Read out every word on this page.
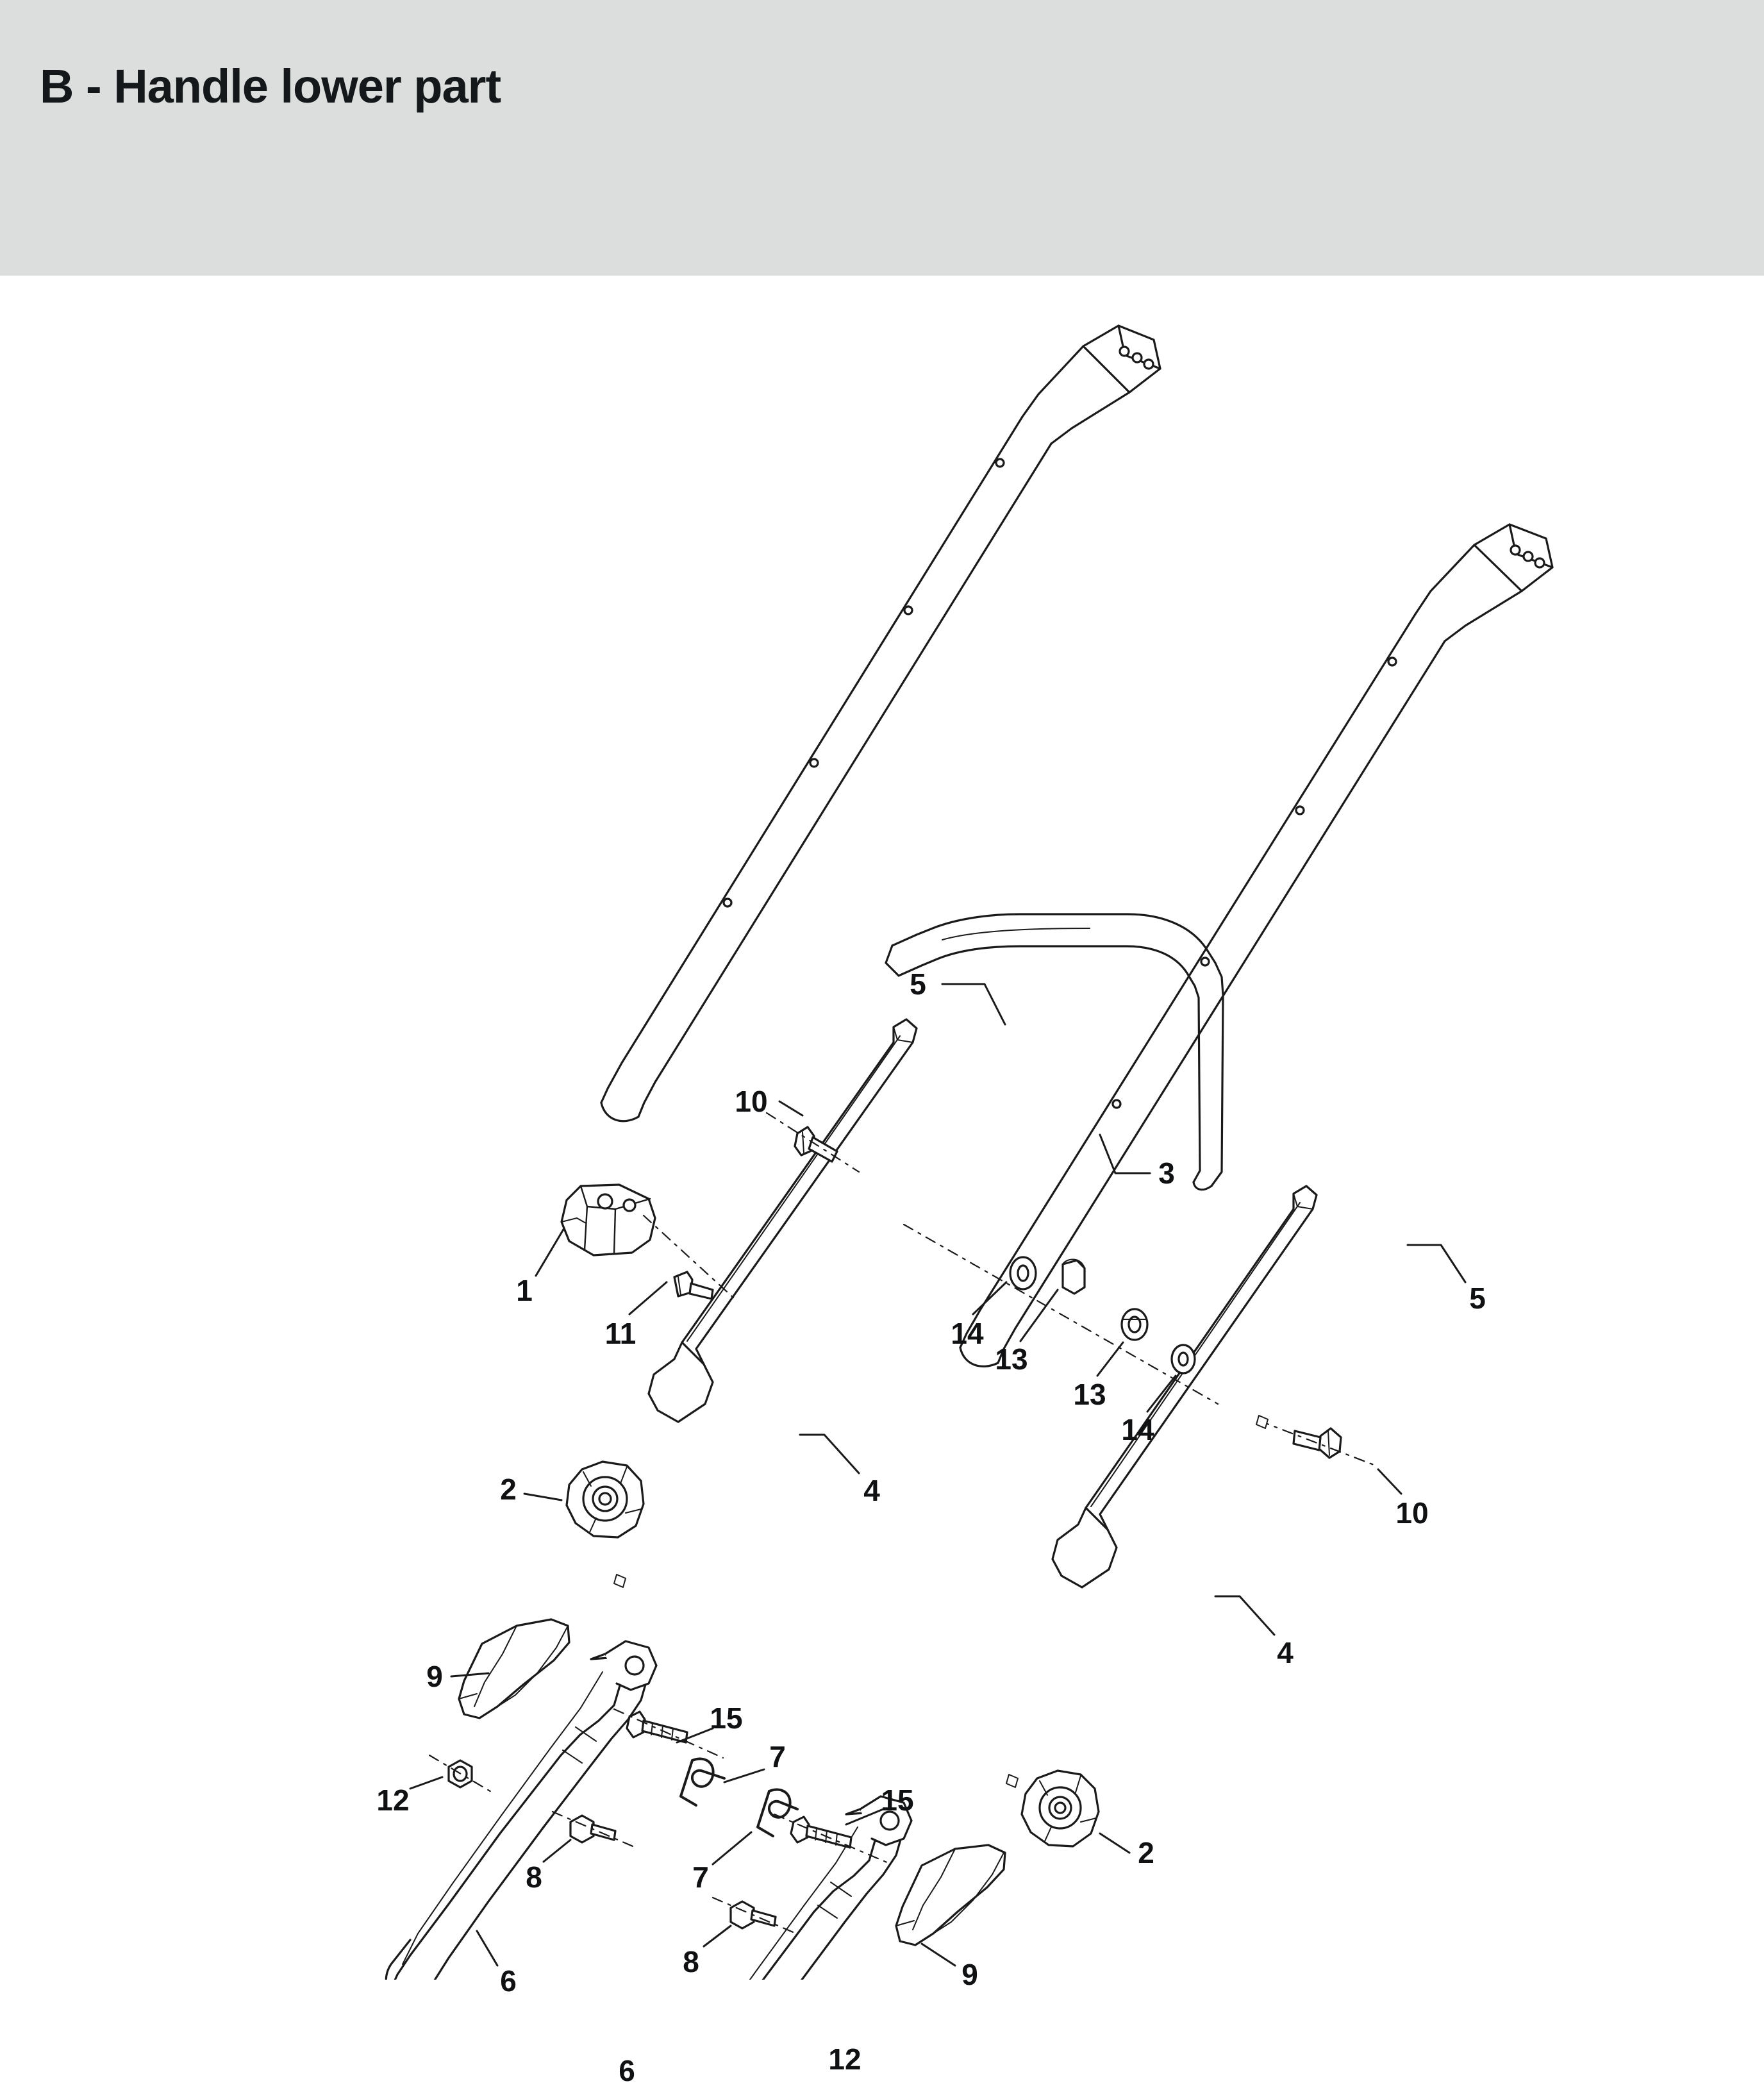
B - Handle lower part
5
10
3
1
11
5
14
13
13
14
4
2
10
4
9
15
7
15
2
12
7
8
8
6	9
12
6
